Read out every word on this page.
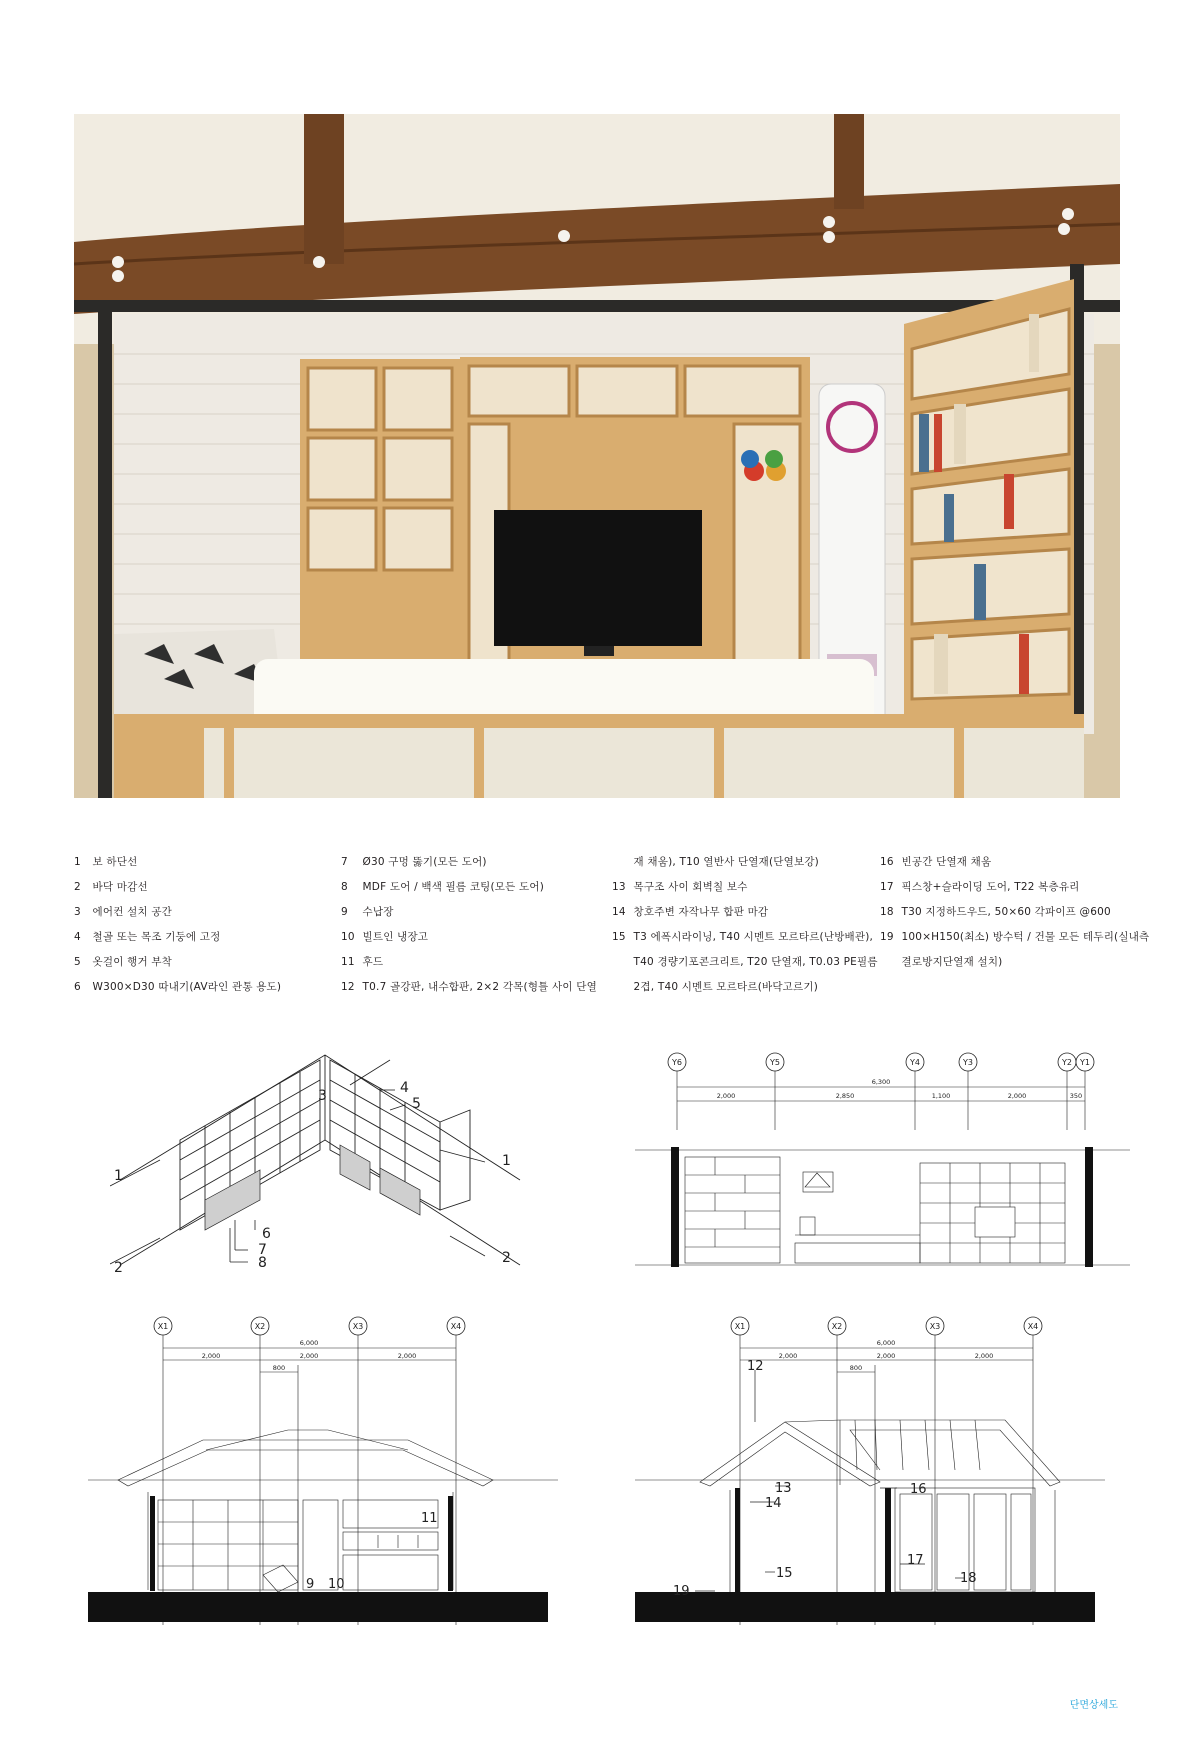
1 보 하단선
2 바닥 마감선
3 에어컨 설치 공간
4 철골 또는 목조 기둥에 고정
5 옷걸이 행거 부착
6 W300×D30 따내기(AV라인 관통 용도)
7 Ø30 구멍 뚫기(모든 도어)
8 MDF 도어 / 백색 필름 코팅(모든 도어)
9 수납장
10 빌트인 냉장고
11 후드
12 T0.7 골강판, 내수합판, 2×2 각목(형틀 사이 단열
재 채움), T10 열반사 단열재(단열보강)
13 목구조 사이 회벽칠 보수
14 창호주변 자작나무 합판 마감
15 T3 에폭시라이닝, T40 시멘트 모르타르(난방배관),
T40 경량기포콘크리트, T20 단열재, T0.03 PE필름
2겹, T40 시멘트 모르타르(바닥고르기)
16 빈공간 단열재 채움
17 픽스창+슬라이딩 도어, T22 복층유리
18 T30 지정하드우드, 50×60 각파이프 @600
19 100×H150(최소) 방수턱 / 건물 모든 테두리(실내측
결로방지단열재 설치)
1
1
2
2
3	4
5
6
7
8
Y6	Y5	Y4	Y3	Y2 Y1
6,300
2,000	2,850	1,100	2,000	350
X1	X2	X3	X4
6,000
2,000	2,000	2,000
800
9 10
11
X1	X2	X3	X4
12
13
14
15
16
17
18
19
6,000
2,000	2,000	2,000
800
단면상세도
